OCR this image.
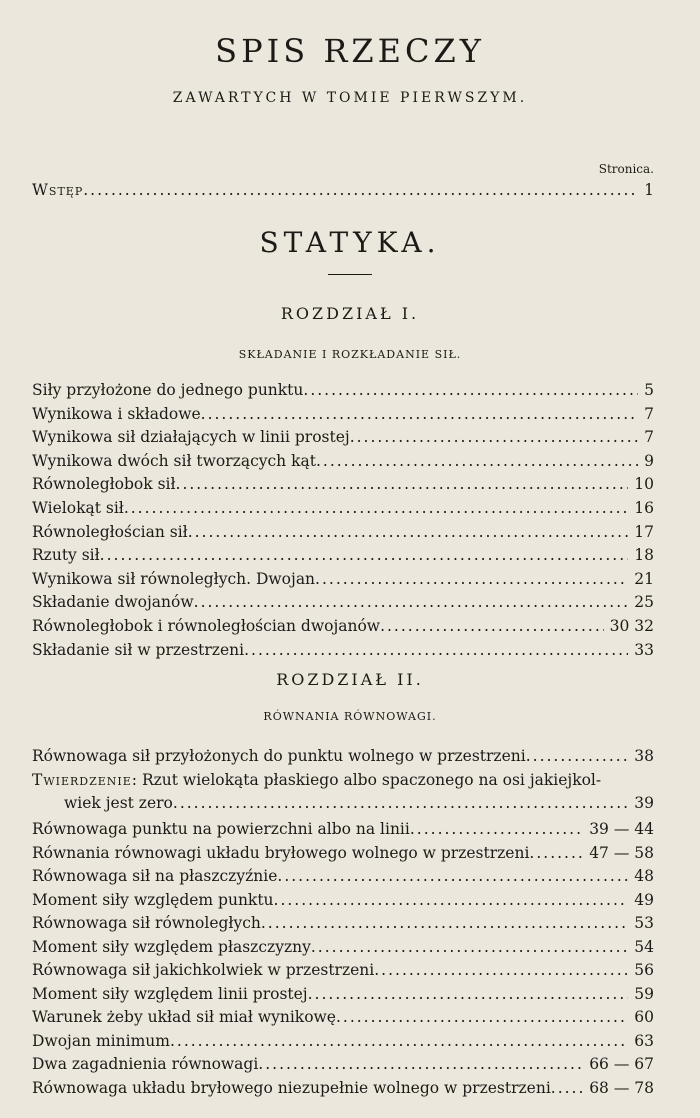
SPIS RZECZY
ZAWARTYCH W TOMIE PIERWSZYM.
Stronica.
Wstęp .....	1
STATYKA.
ROZDZIAŁ I.
SKŁADANIE I ROZKŁADANIE SIŁ.
Siły przyłożone do jednego punktu .....	5
Wynikowa i składowe .....	7
Wynikowa sił działających w linii prostej .....	7
Wynikowa dwóch sił tworzących kąt .....	9
Równoległobok sił .....	10
Wielokąt sił .....	16
Równoległościan sił .....	17
Rzuty sił .....	18
Wynikowa sił równoległych. Dwojan .....	21
Składanie dwojanów .....	25
Równoległobok i równoległościan dwojanów .....	30 32
Składanie sił w przestrzeni .....	33
ROZDZIAŁ II.
RÓWNANIA RÓWNOWAGI.
Równowaga sił przyłożonych do punktu wolnego w przestrzeni .....	38
Twierdzenie: Rzut wielokąta płaskiego albo spaczonego na osi jakiejkol-
wiek jest zero .....	39
Równowaga punktu na powierzchni albo na linii .....	39 — 44
Równania równowagi układu bryłowego wolnego w przestrzeni .....	47 — 58
Równowaga sił na płaszczyźnie .....	48
Moment siły względem punktu .....	49
Równowaga sił równoległych .....	53
Moment siły względem płaszczyzny .....	54
Równowaga sił jakichkolwiek w przestrzeni .....	56
Moment siły względem linii prostej .....	59
Warunek żeby układ sił miał wynikowę .....	60
Dwojan minimum .....	63
Dwa zagadnienia równowagi .....	66 — 67
Równowaga układu bryłowego niezupełnie wolnego w przestrzeni .....	68 — 78
